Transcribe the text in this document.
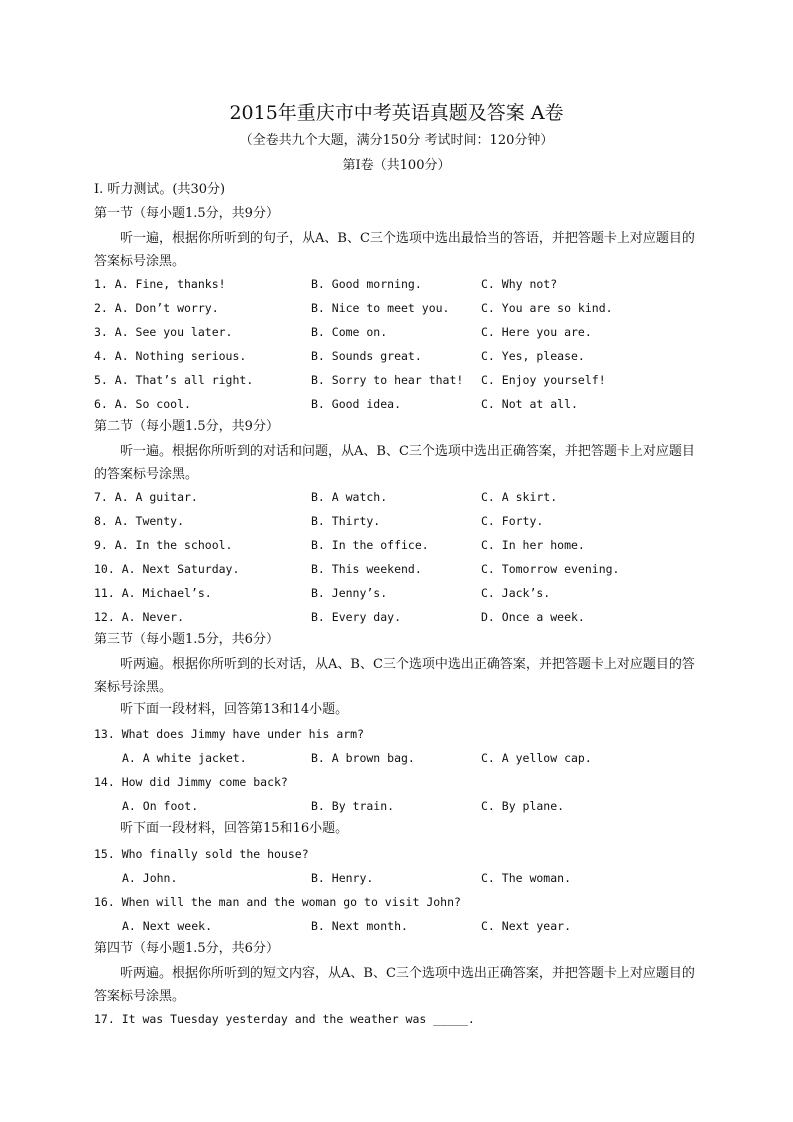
2015年重庆市中考英语真题及答案 A卷
（全卷共九个大题，满分150分 考试时间：120分钟）
第Ⅰ卷（共100分）
I. 听力测试。(共30分)
第一节（每小题1.5分，共9分）
听一遍，根据你所听到的句子，从A、B、C三个选项中选出最恰当的答语，并把答题卡上对应题目的答案标号涂黑。
1. A. Fine, thanks!	B. Good morning.	C. Why not?
2. A. Don’t worry.	B. Nice to meet you.	C. You are so kind.
3. A. See you later.	B. Come on.	C. Here you are.
4. A. Nothing serious.	B. Sounds great.	C. Yes, please.
5. A. That’s all right.	B. Sorry to hear that! C. Enjoy yourself!
6. A. So cool.	B. Good idea.	C. Not at all.
第二节（每小题1.5分，共9分）
听一遍。根据你所听到的对话和问题，从A、B、C三个选项中选出正确答案，并把答题卡上对应题目的答案标号涂黑。
7. A. A guitar.	B. A watch.	C. A skirt.
8. A. Twenty.	B. Thirty.	C. Forty.
9. A. In the school.	B. In the office.	C. In her home.
10. A. Next Saturday.	B. This weekend.	C. Tomorrow evening.
11. A. Michael’s.	B. Jenny’s.	C. Jack’s.
12. A. Never.	B. Every day.	D. Once a week.
第三节（每小题1.5分，共6分）
听两遍。根据你所听到的长对话，从A、B、C三个选项中选出正确答案，并把答题卡上对应题目的答案标号涂黑。
听下面一段材料，回答第13和14小题。
13. What does Jimmy have under his arm?
A. A white jacket.	B. A brown bag.	C. A yellow cap.
14. How did Jimmy come back?
A. On foot.	B. By train.	C. By plane.
听下面一段材料，回答第15和16小题。
15. Who finally sold the house?
A. John.	B. Henry.	C. The woman.
16. When will the man and the woman go to visit John?
A. Next week.	B. Next month.	C. Next year.
第四节（每小题1.5分，共6分）
听两遍。根据你所听到的短文内容，从A、B、C三个选项中选出正确答案，并把答题卡上对应题目的答案标号涂黑。
17. It was Tuesday yesterday and the weather was _____.
